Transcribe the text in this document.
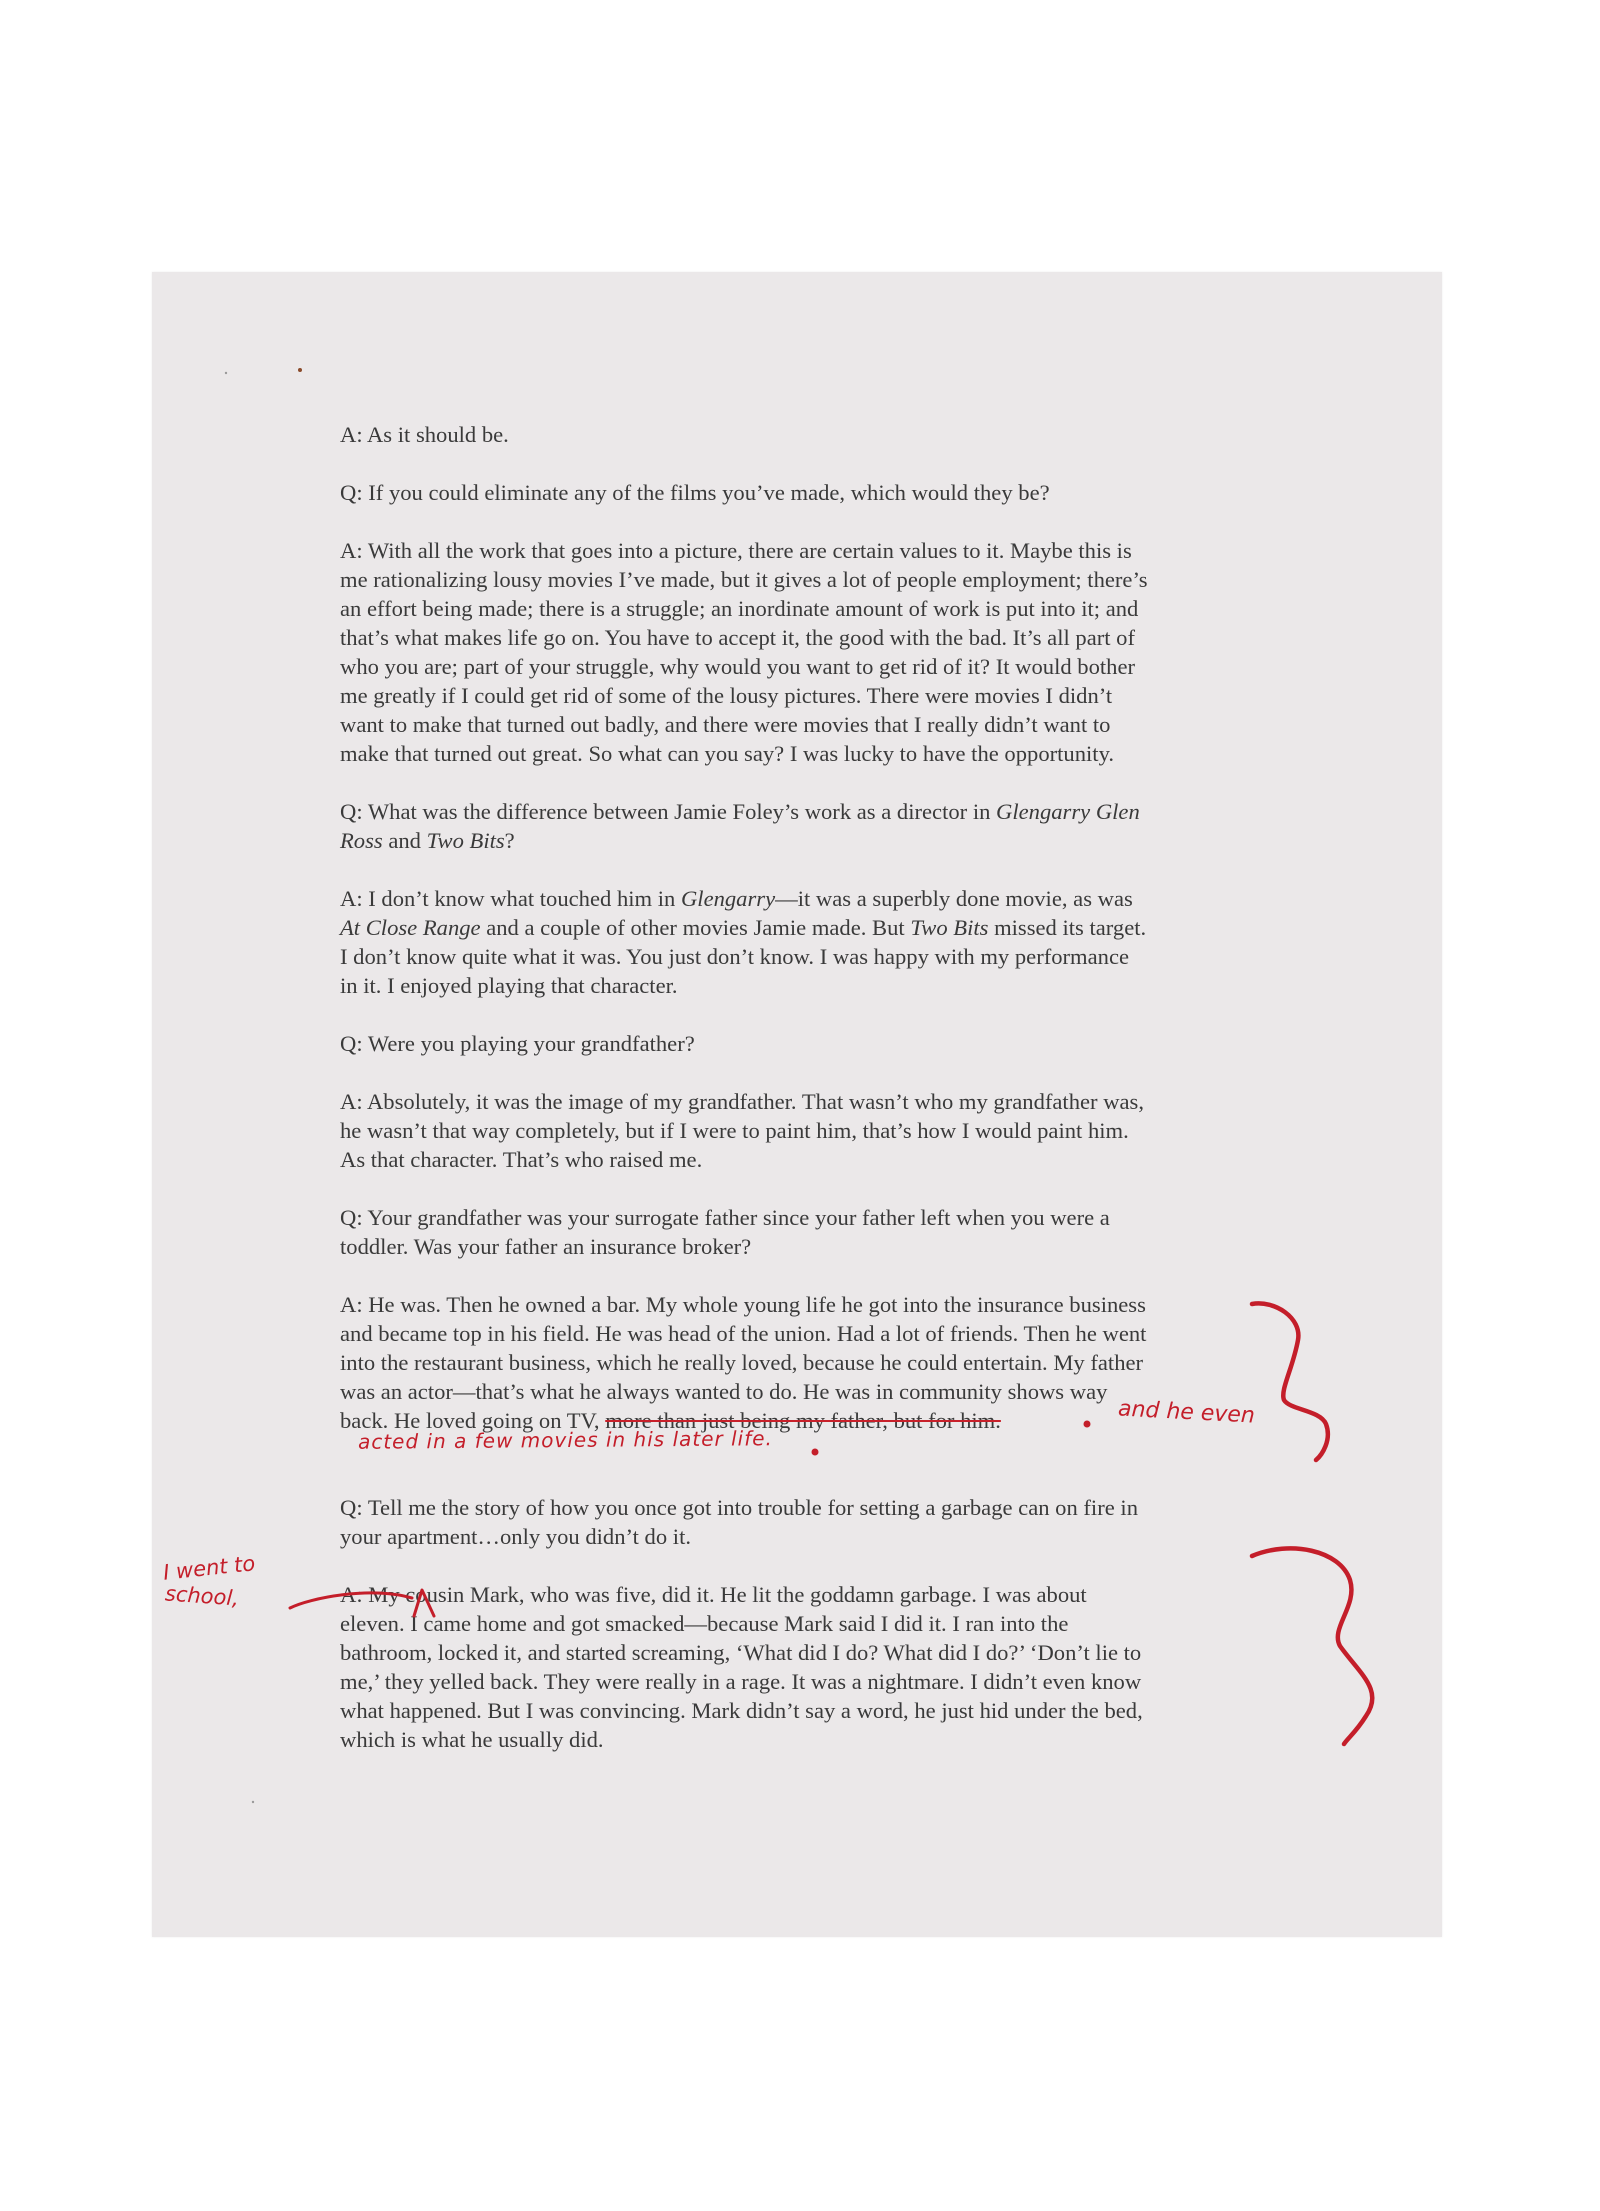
A: As it should be.

Q: If you could eliminate any of the films you’ve made, which would they be?

A: With all the work that goes into a picture, there are certain values to it. Maybe this is
me rationalizing lousy movies I’ve made, but it gives a lot of people employment; there’s
an effort being made; there is a struggle; an inordinate amount of work is put into it; and
that’s what makes life go on. You have to accept it, the good with the bad. It’s all part of
who you are; part of your struggle, why would you want to get rid of it? It would bother
me greatly if I could get rid of some of the lousy pictures. There were movies I didn’t
want to make that turned out badly, and there were movies that I really didn’t want to
make that turned out great. So what can you say? I was lucky to have the opportunity.

Q: What was the difference between Jamie Foley’s work as a director in Glengarry Glen
Ross and Two Bits?

A: I don’t know what touched him in Glengarry—it was a superbly done movie, as was
At Close Range and a couple of other movies Jamie made. But Two Bits missed its target.
I don’t know quite what it was. You just don’t know. I was happy with my performance
in it. I enjoyed playing that character.

Q: Were you playing your grandfather?

A: Absolutely, it was the image of my grandfather. That wasn’t who my grandfather was,
he wasn’t that way completely, but if I were to paint him, that’s how I would paint him.
As that character. That’s who raised me.

Q: Your grandfather was your surrogate father since your father left when you were a
toddler. Was your father an insurance broker?

A: He was. Then he owned a bar. My whole young life he got into the insurance business
and became top in his field. He was head of the union. Had a lot of friends. Then he went
into the restaurant business, which he really loved, because he could entertain. My father
was an actor—that’s what he always wanted to do. He was in community shows way
back. He loved going on TV, more than just being my father, but for him.

Q: Tell me the story of how you once got into trouble for setting a garbage can on fire in
your apartment…only you didn’t do it.

A: My cousin Mark, who was five, did it. He lit the goddamn garbage. I was about
eleven. I came home and got smacked—because Mark said I did it. I ran into the
bathroom, locked it, and started screaming, ‘What did I do? What did I do?’ ‘Don’t lie to
me,’ they yelled back. They were really in a rage. It was a nightmare. I didn’t even know
what happened. But I was convincing. Mark didn’t say a word, he just hid under the bed,
which is what he usually did.

and he even
acted in a few movies in his later life.
I went to
school,
